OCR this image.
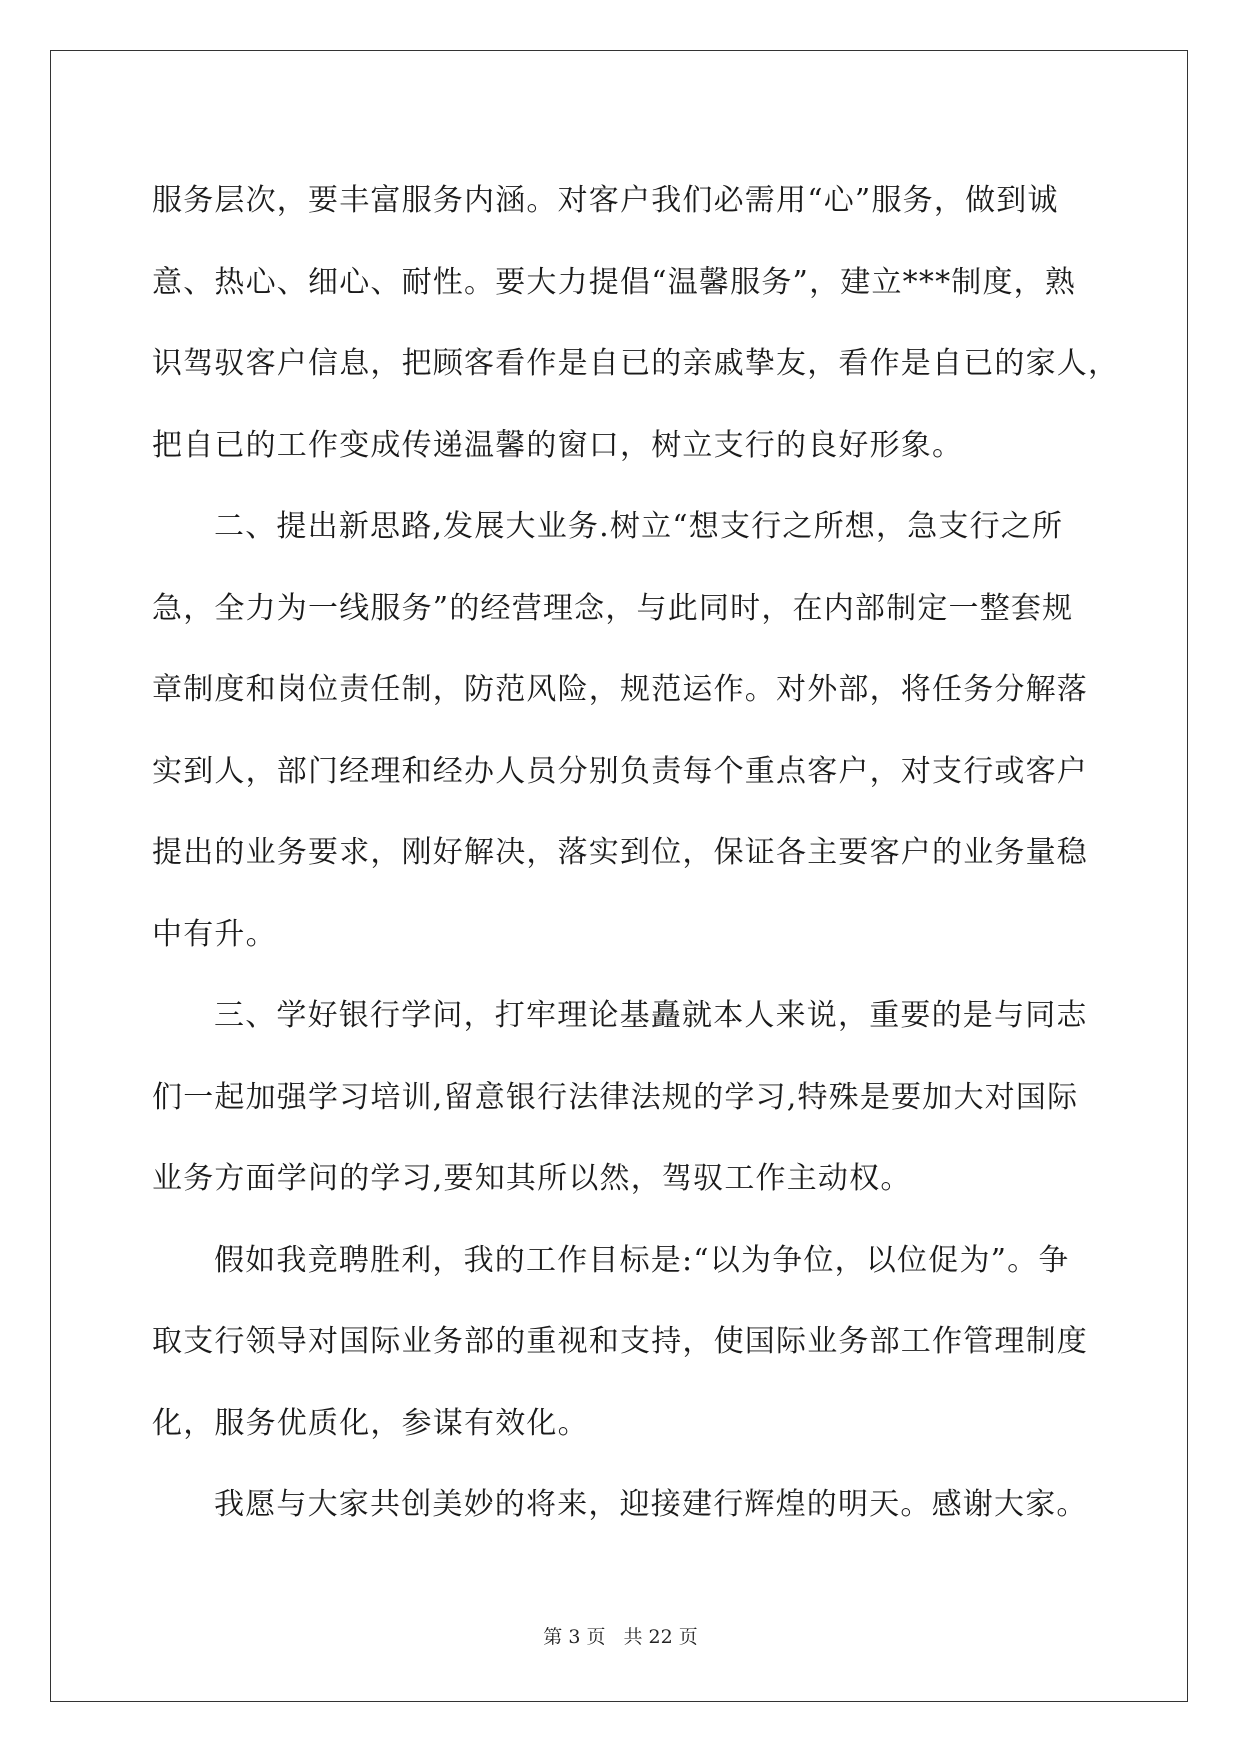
服务层次，要丰富服务内涵。对客户我们必需用“心”服务，做到诚
意、热心、细心、耐性。要大力提倡“温馨服务”，建立***制度，熟
识驾驭客户信息，把顾客看作是自已的亲戚挚友，看作是自已的家人，
把自已的工作变成传递温馨的窗口，树立支行的良好形象。

二、提出新思路,发展大业务.树立“想支行之所想，急支行之所
急，全力为一线服务”的经营理念，与此同时，在内部制定一整套规
章制度和岗位责任制，防范风险，规范运作。对外部，将任务分解落
实到人，部门经理和经办人员分别负责每个重点客户，对支行或客户
提出的业务要求，刚好解决，落实到位，保证各主要客户的业务量稳
中有升。

三、学好银行学问，打牢理论基矗就本人来说，重要的是与同志
们一起加强学习培训,留意银行法律法规的学习,特殊是要加大对国际
业务方面学问的学习,要知其所以然，驾驭工作主动权。

假如我竞聘胜利，我的工作目标是:“以为争位，以位促为”。争
取支行领导对国际业务部的重视和支持，使国际业务部工作管理制度
化，服务优质化，参谋有效化。

我愿与大家共创美妙的将来，迎接建行辉煌的明天。感谢大家。

第 3 页 共 22 页
